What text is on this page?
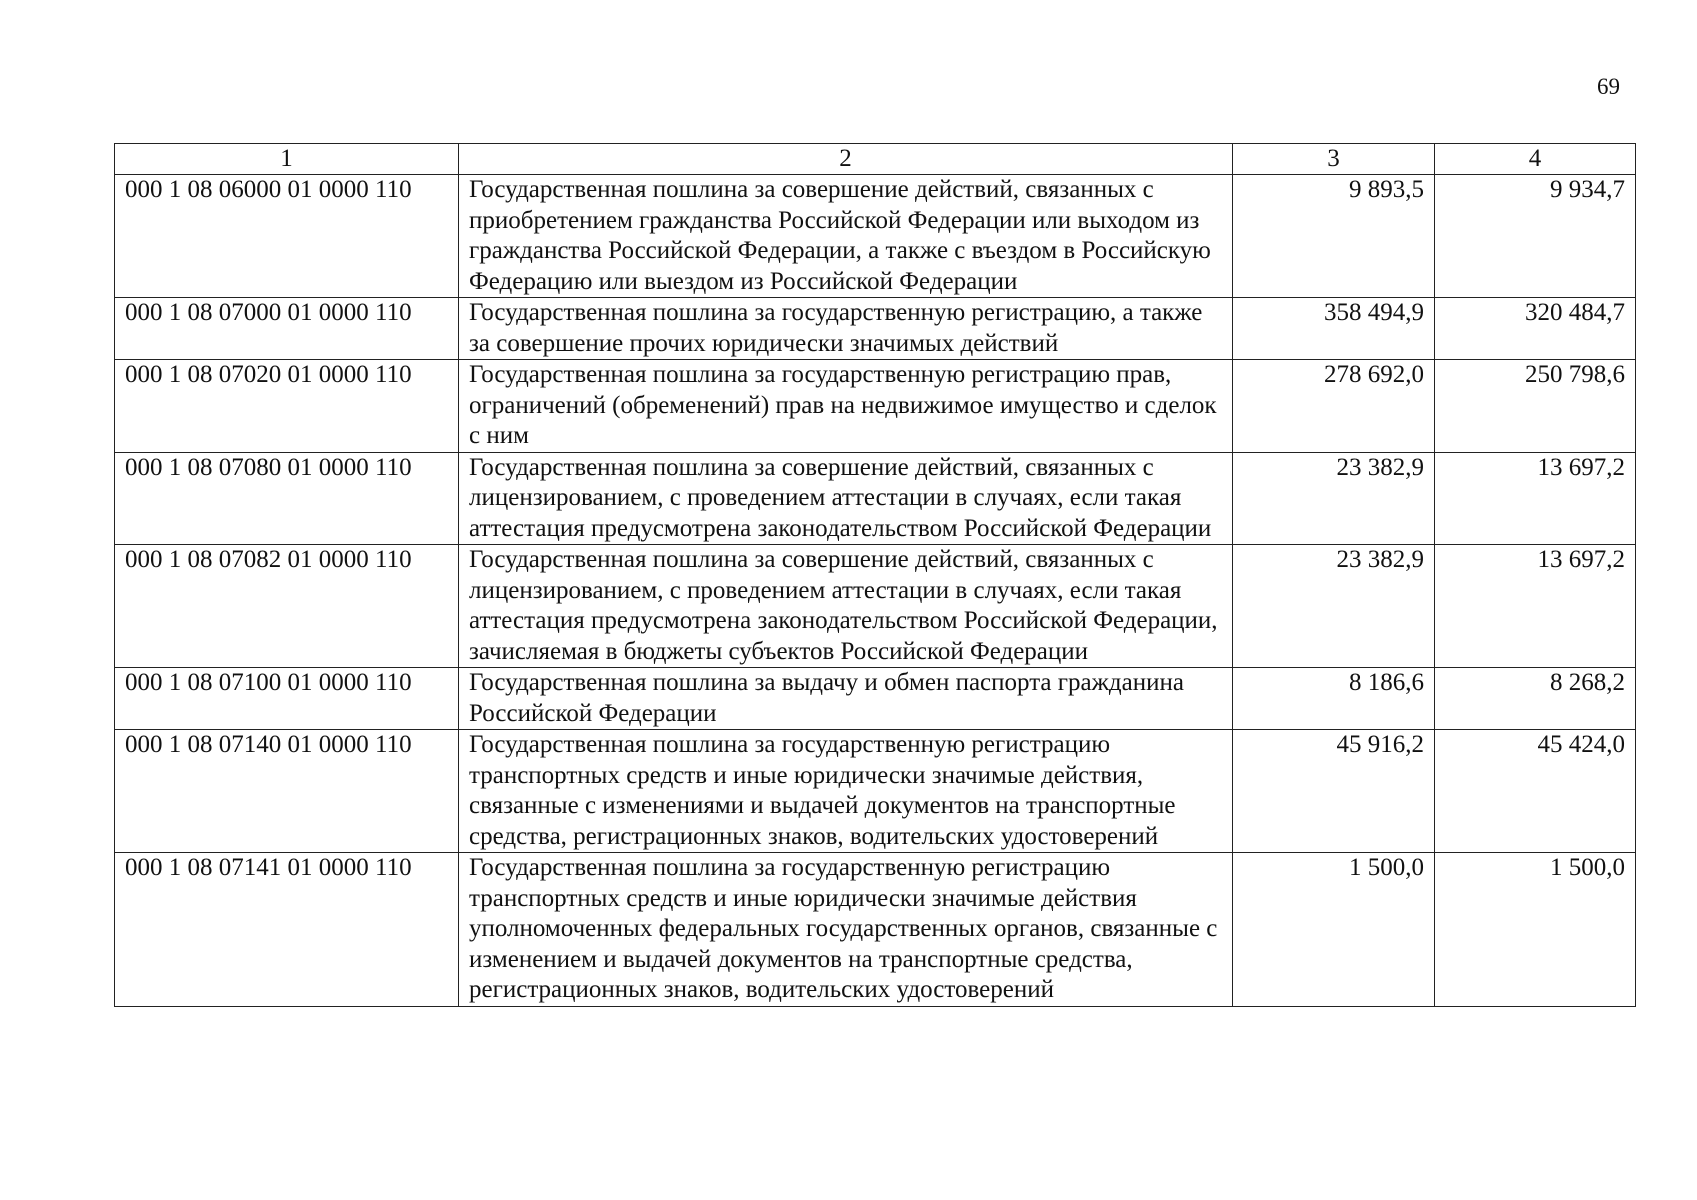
69
1	2	3	4
000 1 08 06000 01 0000 110	Государственная пошлина за совершение действий, связанных с приобретением гражданства Российской Федерации или выходом из гражданства Российской Федерации, а также с въездом в Российскую Федерацию или выездом из Российской Федерации	9 893,5	9 934,7
000 1 08 07000 01 0000 110	Государственная пошлина за государственную регистрацию, а также за совершение прочих юридически значимых действий	358 494,9	320 484,7
000 1 08 07020 01 0000 110	Государственная пошлина за государственную регистрацию прав, ограничений (обременений) прав на недвижимое имущество и сделок с ним	278 692,0	250 798,6
000 1 08 07080 01 0000 110	Государственная пошлина за совершение действий, связанных с лицензированием, с проведением аттестации в случаях, если такая аттестация предусмотрена законодательством Российской Федерации	23 382,9	13 697,2
000 1 08 07082 01 0000 110	Государственная пошлина за совершение действий, связанных с лицензированием, с проведением аттестации в случаях, если такая аттестация предусмотрена законодательством Российской Федерации, зачисляемая в бюджеты субъектов Российской Федерации	23 382,9	13 697,2
000 1 08 07100 01 0000 110	Государственная пошлина за выдачу и обмен паспорта гражданина Российской Федерации	8 186,6	8 268,2
000 1 08 07140 01 0000 110	Государственная пошлина за государственную регистрацию транспортных средств и иные юридически значимые действия, связанные с изменениями и выдачей документов на транспортные средства, регистрационных знаков, водительских удостоверений	45 916,2	45 424,0
000 1 08 07141 01 0000 110	Государственная пошлина за государственную регистрацию транспортных средств и иные юридически значимые действия уполномоченных федеральных государственных органов, связанные с изменением и выдачей документов на транспортные средства, регистрационных знаков, водительских удостоверений	1 500,0	1 500,0
